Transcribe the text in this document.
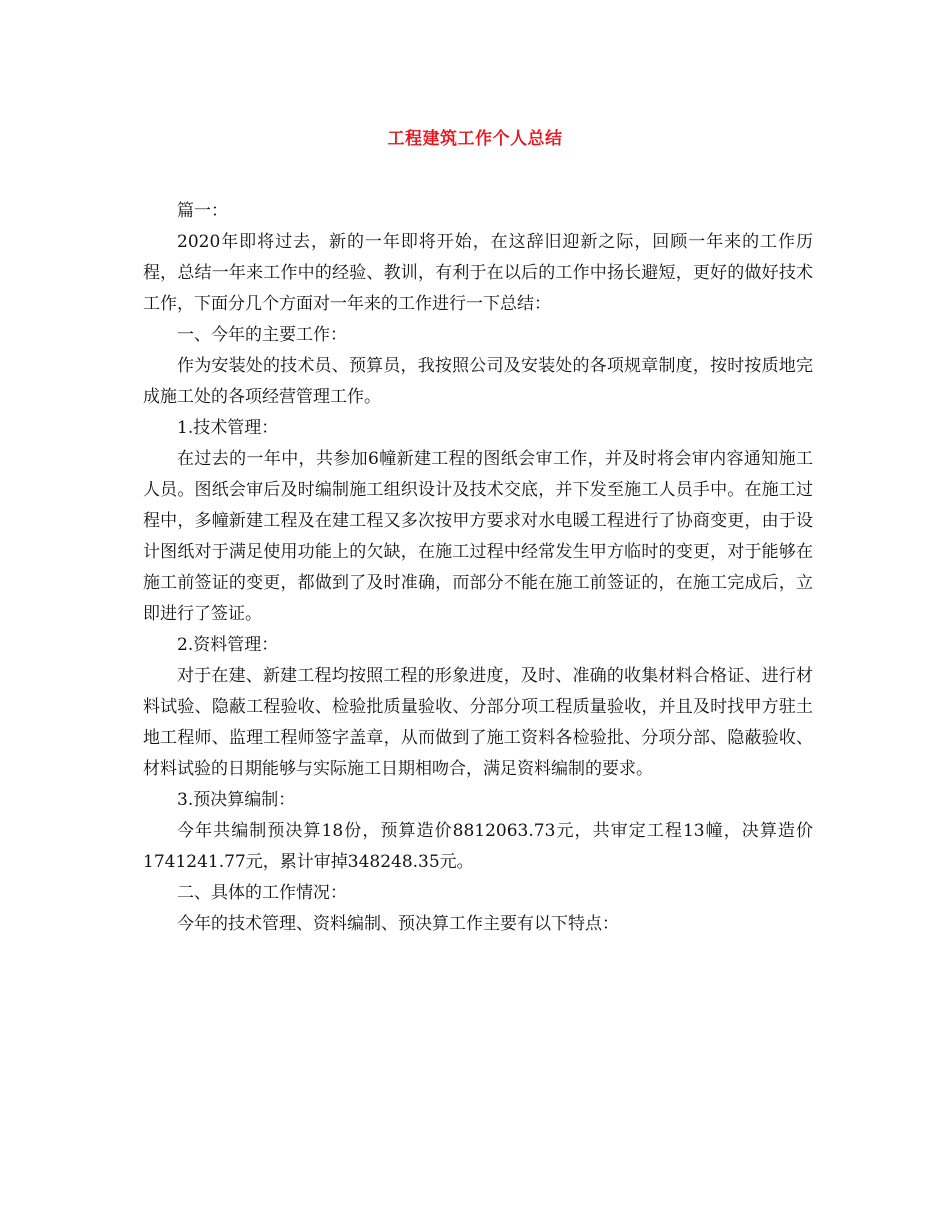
工程建筑工作个人总结

篇一：

2020年即将过去，新的一年即将开始，在这辞旧迎新之际，回顾一年来的工作历程，总结一年来工作中的经验、教训，有利于在以后的工作中扬长避短，更好的做好技术工作，下面分几个方面对一年来的工作进行一下总结：

一、今年的主要工作：

作为安装处的技术员、预算员，我按照公司及安装处的各项规章制度，按时按质地完成施工处的各项经营管理工作。

1.技术管理：

在过去的一年中，共参加6幢新建工程的图纸会审工作，并及时将会审内容通知施工人员。图纸会审后及时编制施工组织设计及技术交底，并下发至施工人员手中。在施工过程中，多幢新建工程及在建工程又多次按甲方要求对水电暖工程进行了协商变更，由于设计图纸对于满足使用功能上的欠缺，在施工过程中经常发生甲方临时的变更，对于能够在施工前签证的变更，都做到了及时准确，而部分不能在施工前签证的，在施工完成后，立即进行了签证。

2.资料管理：

对于在建、新建工程均按照工程的形象进度，及时、准确的收集材料合格证、进行材料试验、隐蔽工程验收、检验批质量验收、分部分项工程质量验收，并且及时找甲方驻土地工程师、监理工程师签字盖章，从而做到了施工资料各检验批、分项分部、隐蔽验收、材料试验的日期能够与实际施工日期相吻合，满足资料编制的要求。

3.预决算编制：

今年共编制预决算18份，预算造价8812063.73元，共审定工程13幢，决算造价1741241.77元，累计审掉348248.35元。

二、具体的工作情况：

今年的技术管理、资料编制、预决算工作主要有以下特点：
